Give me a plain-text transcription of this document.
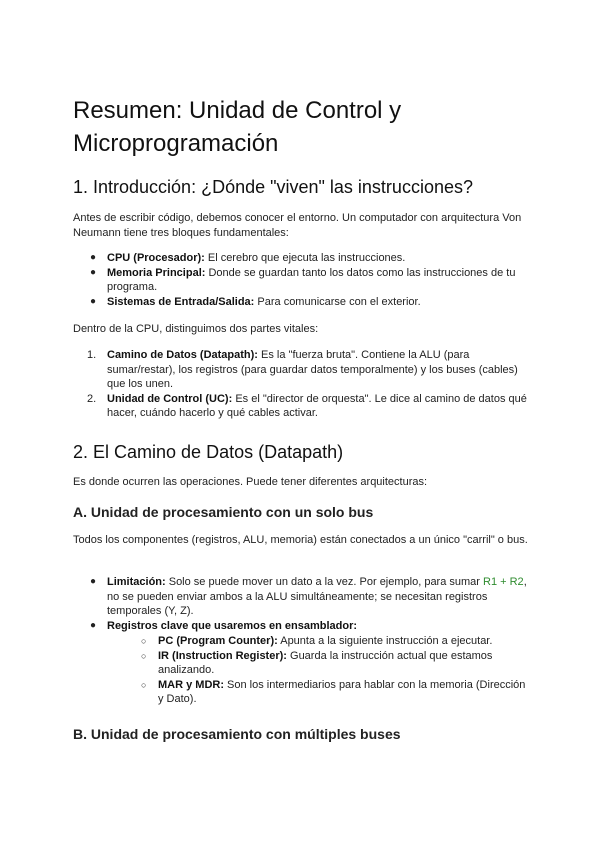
Resumen: Unidad de Control y Microprogramación
1. Introducción: ¿Dónde "viven" las instrucciones?

Antes de escribir código, debemos conocer el entorno. Un computador con arquitectura Von Neumann tiene tres bloques fundamentales:

● CPU (Procesador): El cerebro que ejecuta las instrucciones.
● Memoria Principal: Donde se guardan tanto los datos como las instrucciones de tu programa.
● Sistemas de Entrada/Salida: Para comunicarse con el exterior.

Dentro de la CPU, distinguimos dos partes vitales:

1. Camino de Datos (Datapath): Es la "fuerza bruta". Contiene la ALU (para sumar/restar), los registros (para guardar datos temporalmente) y los buses (cables) que los unen.
2. Unidad de Control (UC): Es el "director de orquesta". Le dice al camino de datos qué hacer, cuándo hacerlo y qué cables activar.
2. El Camino de Datos (Datapath)

Es donde ocurren las operaciones. Puede tener diferentes arquitecturas:

A. Unidad de procesamiento con un solo bus

Todos los componentes (registros, ALU, memoria) están conectados a un único "carril" o bus.

● Limitación: Solo se puede mover un dato a la vez. Por ejemplo, para sumar R1 + R2, no se pueden enviar ambos a la ALU simultáneamente; se necesitan registros temporales (Y, Z).
● Registros clave que usaremos en ensamblador:
○ PC (Program Counter): Apunta a la siguiente instrucción a ejecutar.
○ IR (Instruction Register): Guarda la instrucción actual que estamos analizando.
○ MAR y MDR: Son los intermediarios para hablar con la memoria (Dirección y Dato).
B. Unidad de procesamiento con múltiples buses
